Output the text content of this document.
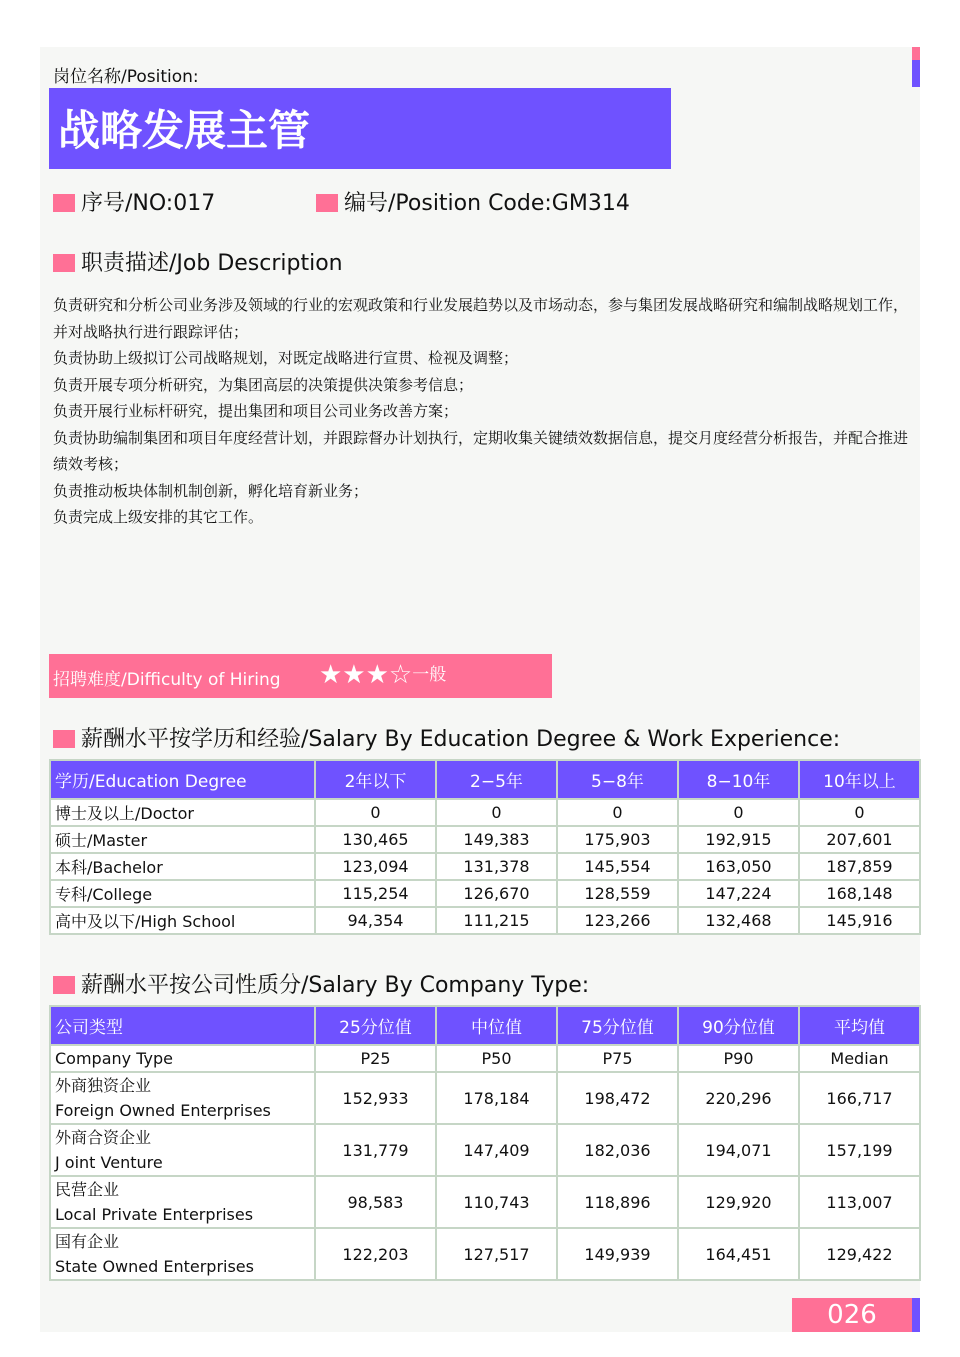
岗位名称/Position:
战略发展主管
序号/NO:017	编号/Position Code:GM314
职责描述/Job Description
负责研究和分析公司业务涉及领域的行业的宏观政策和行业发展趋势以及市场动态，参与集团发展战略研究和编制战略规划工作，并对战略执行进行跟踪评估；
负责协助上级拟订公司战略规划，对既定战略进行宣贯、检视及调整；
负责开展专项分析研究，为集团高层的决策提供决策参考信息；
负责开展行业标杆研究，提出集团和项目公司业务改善方案；
负责协助编制集团和项目年度经营计划，并跟踪督办计划执行，定期收集关键绩效数据信息，提交月度经营分析报告，并配合推进绩效考核；
负责推动板块体制机制创新，孵化培育新业务；
负责完成上级安排的其它工作。
招聘难度/Difficulty of Hiring ★★★☆一般
薪酬水平按学历和经验/Salary By Education Degree & Work Experience:
学历/Education Degree	2年以下	2−5年	5−8年	8−10年	10年以上
博士及以上/Doctor	0	0	0	0	0
硕士/Master	130,465	149,383	175,903	192,915	207,601
本科/Bachelor	123,094	131,378	145,554	163,050	187,859
专科/College	115,254	126,670	128,559	147,224	168,148
高中及以下/High School	94,354	111,215	123,266	132,468	145,916
薪酬水平按公司性质分/Salary By Company Type:
公司类型	25分位值	中位值	75分位值	90分位值	平均值
Company Type	P25	P50	P75	P90	Median

外商独资企业
Foreign Owned Enterprises	152,933	178,184	198,472	220,296	166,717

外商合资企业
J oint Venture	131,779	147,409	182,036	194,071	157,199

民营企业
Local Private Enterprises	98,583	110,743	118,896	129,920	113,007

国有企业
State Owned Enterprises	122,203	127,517	149,939	164,451	129,422
026
